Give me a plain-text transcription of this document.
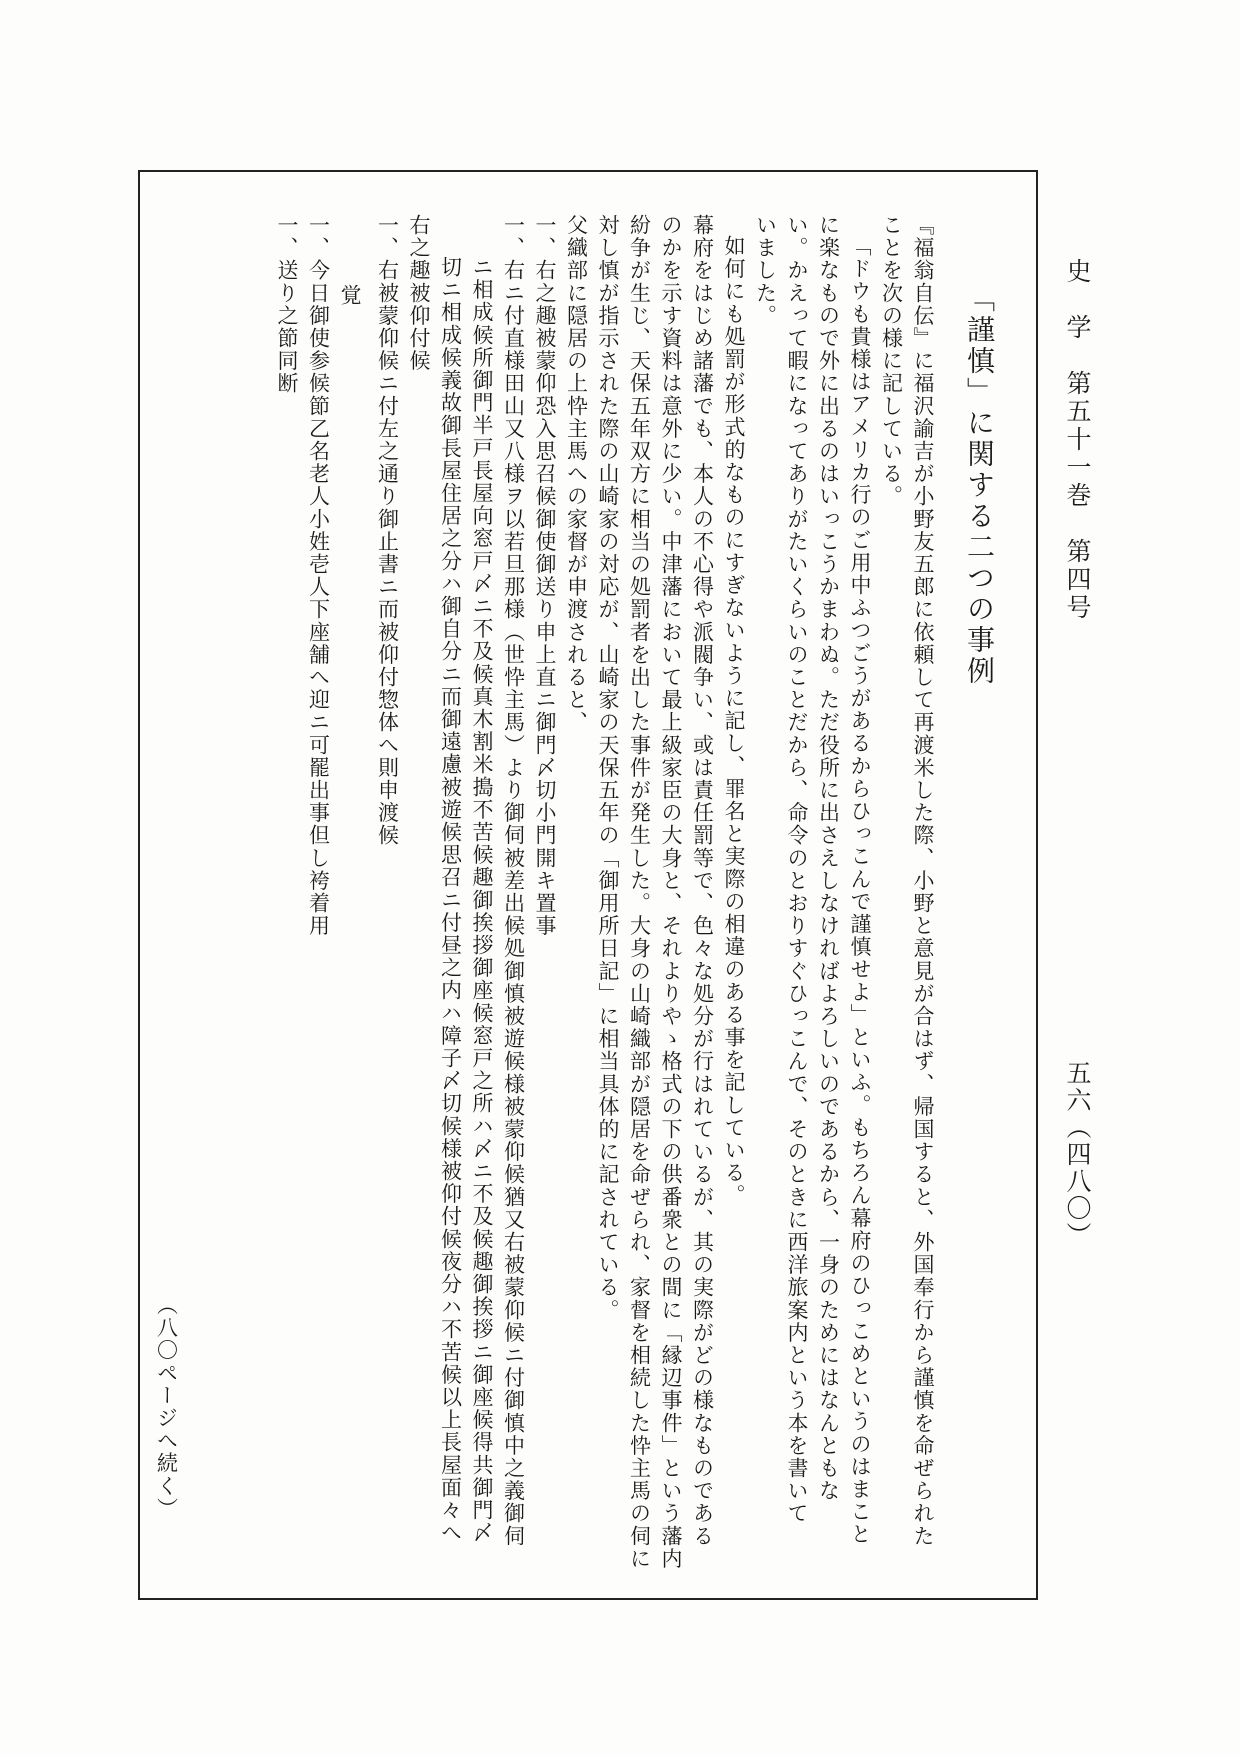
史　学　第五十一巻　第四号
五六（四八〇）

「謹慎」に関する二つの事例

『福翁自伝』に福沢諭吉が小野友五郎に依頼して再渡米した際、小野と意見が合はず、帰国すると、外国奉行から謹慎を命ぜられた

ことを次の様に記している。

「ドウも貴様はアメリカ行のご用中ふつごうがあるからひっこんで謹慎せよ」といふ。もちろん幕府のひっこめというのはまこと

に楽なもので外に出るのはいっこうかまわぬ。ただ役所に出さえしなければよろしいのであるから、一身のためにはなんともな

い。かえって暇になってありがたいくらいのことだから、命令のとおりすぐひっこんで、そのときに西洋旅案内という本を書いて

いました。

如何にも処罰が形式的なものにすぎないように記し、罪名と実際の相違のある事を記している。

幕府をはじめ諸藩でも、本人の不心得や派閥争い、或は責任罰等で、色々な処分が行はれているが、其の実際がどの様なものである

のかを示す資料は意外に少い。中津藩において最上級家臣の大身と、それよりやゝ格式の下の供番衆との間に「縁辺事件」という藩内

紛争が生じ、天保五年双方に相当の処罰者を出した事件が発生した。大身の山崎織部が隠居を命ぜられ、家督を相続した忰主馬の伺に

対し慎が指示された際の山崎家の対応が、山崎家の天保五年の「御用所日記」に相当具体的に記されている。

父織部に隠居の上忰主馬への家督が申渡されると、

一、右之趣被蒙仰恐入思召候御使御送り申上直ニ御門〆切小門開キ置事

一、右ニ付直様田山又八様ヲ以若旦那様（世忰主馬）より御伺被差出候処御慎被遊候様被蒙仰候猶又右被蒙仰候ニ付御慎中之義御伺

ニ相成候所御門半戸長屋向窓戸〆ニ不及候真木割米搗不苦候趣御挨拶御座候窓戸之所ハ〆ニ不及候趣御挨拶ニ御座候得共御門〆

切ニ相成候義故御長屋住居之分ハ御自分ニ而御遠慮被遊候思召ニ付昼之内ハ障子〆切候様被仰付候夜分ハ不苦候以上長屋面々へ

右之趣被仰付候

一、右被蒙仰候ニ付左之通り御止書ニ而被仰付惣体へ則申渡候

覚

一、今日御使参候節乙名老人小姓壱人下座舗へ迎ニ可罷出事但し袴着用

一、送り之節同断

（八〇ページへ続く）
